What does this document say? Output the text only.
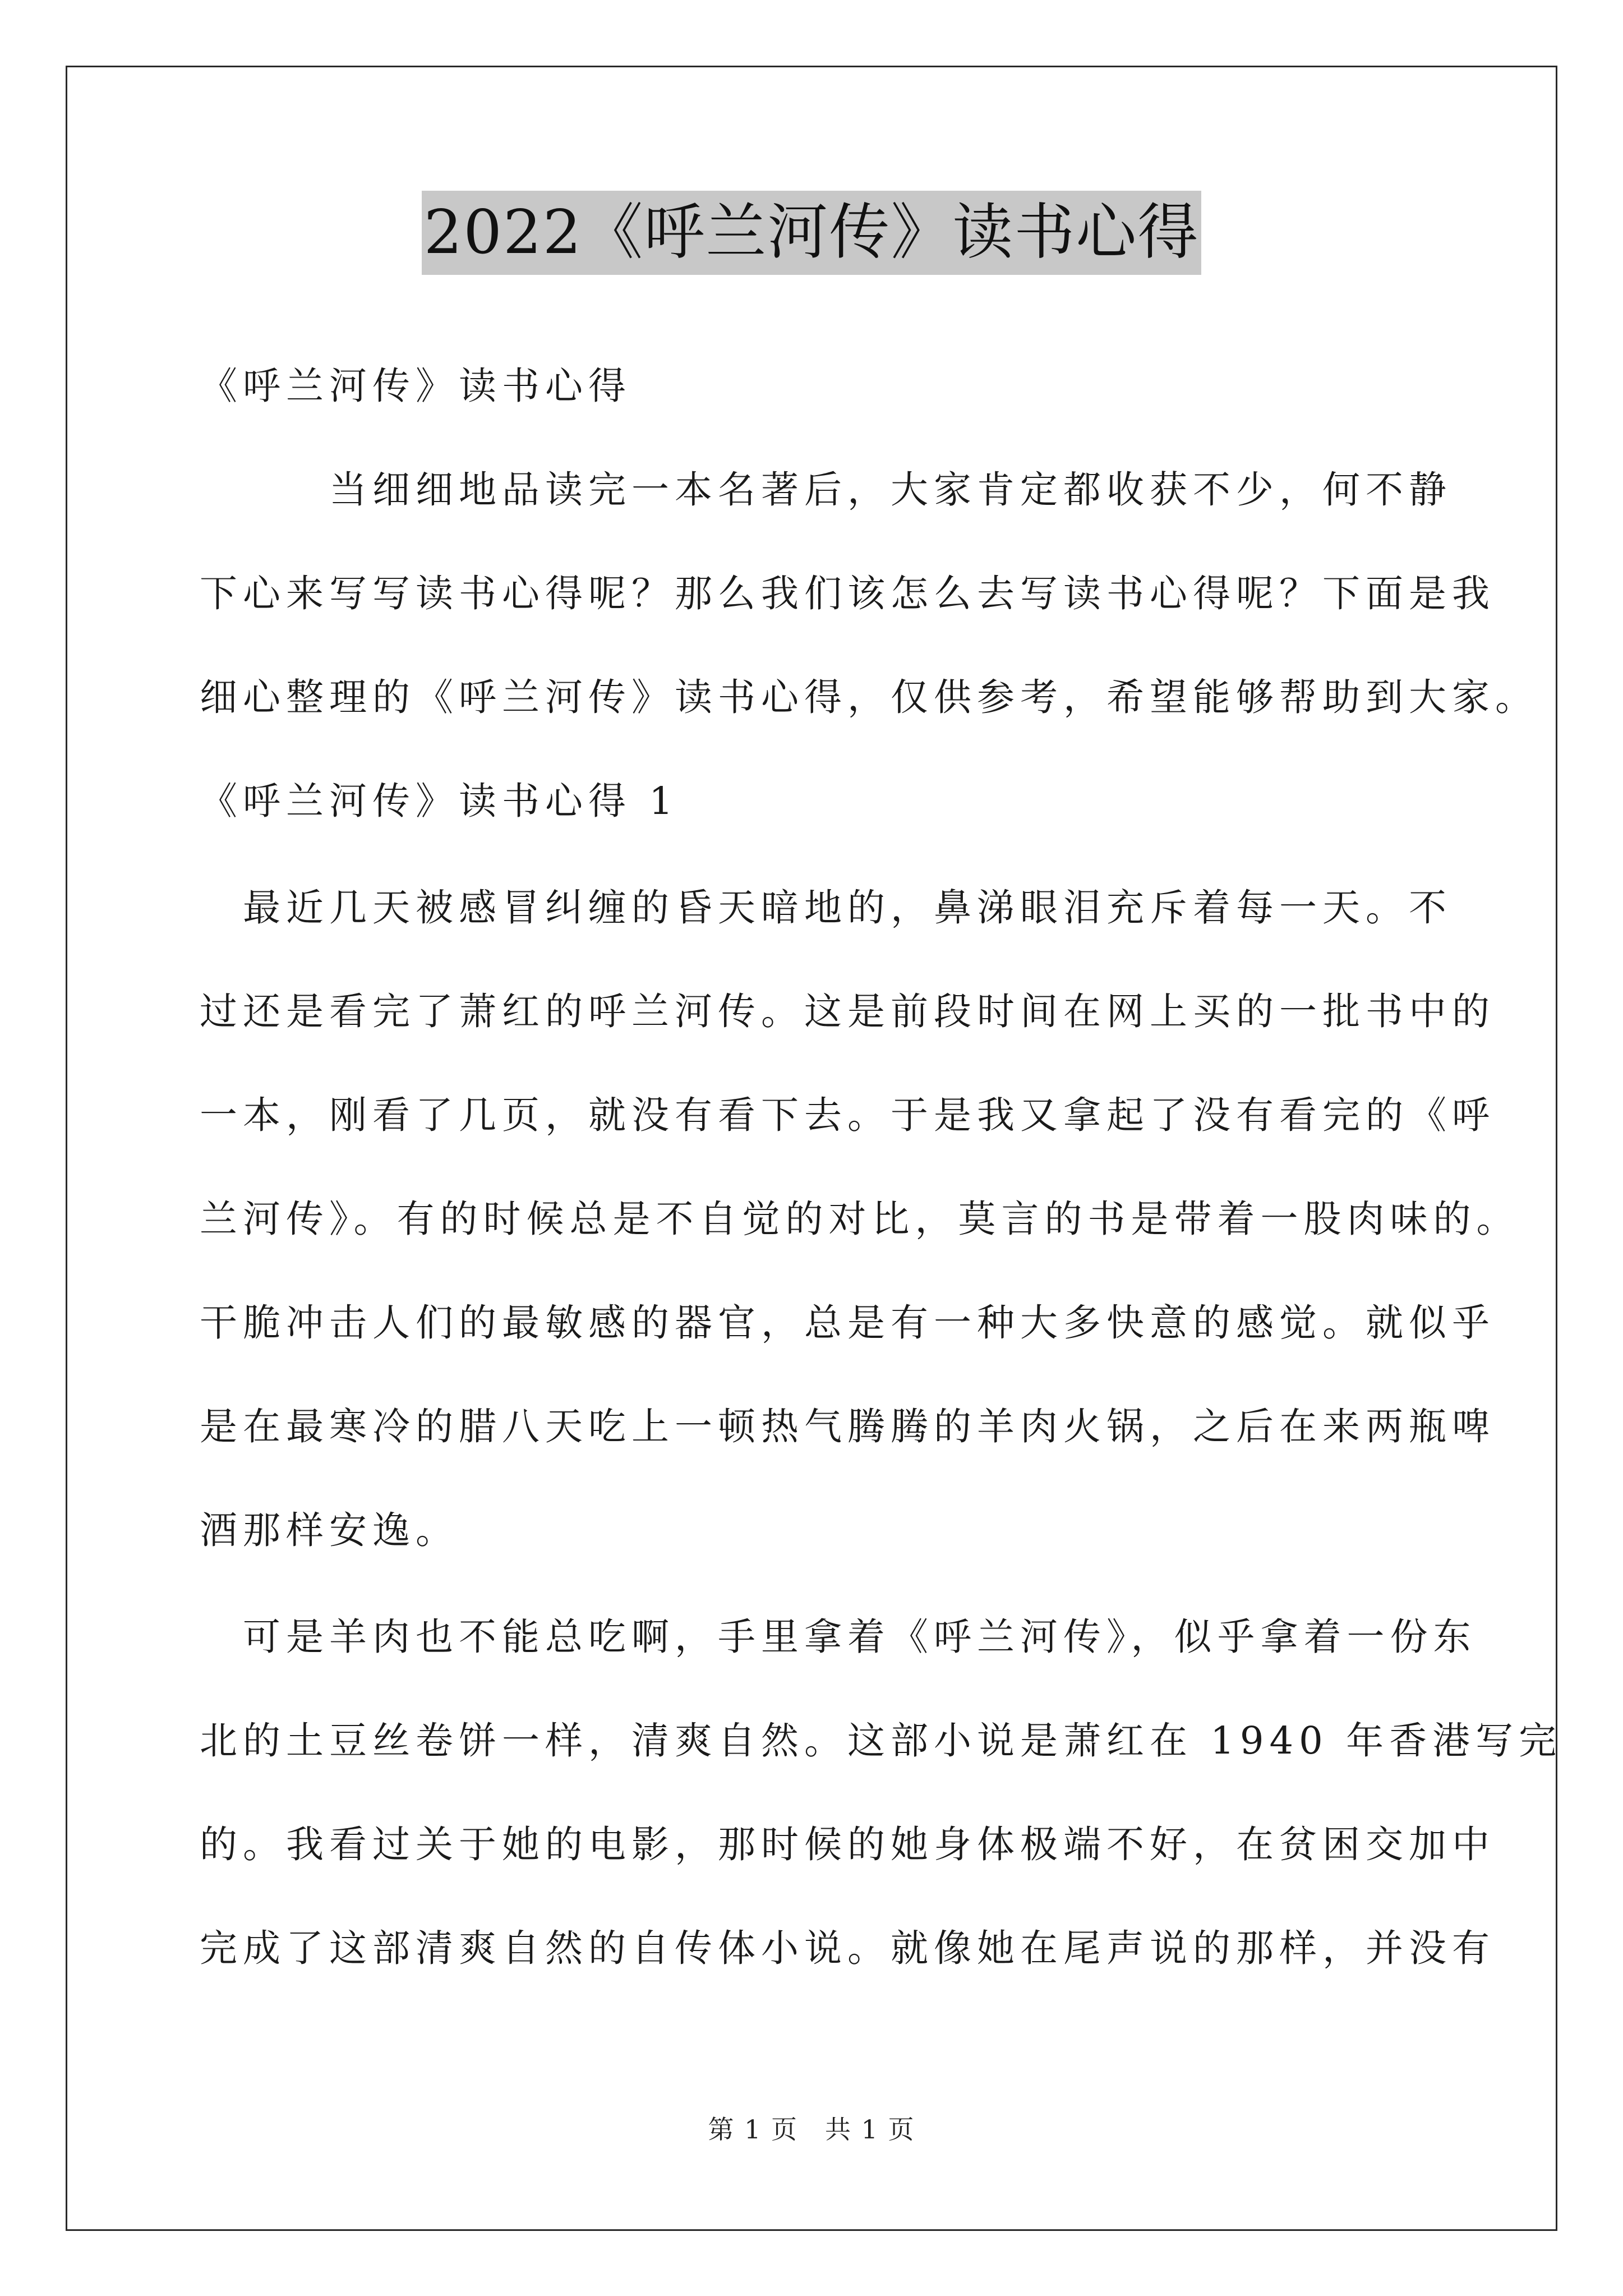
2022《呼兰河传》读书心得
《呼兰河传》读书心得
　　　当细细地品读完一本名著后，大家肯定都收获不少，何不静
下心来写写读书心得呢？那么我们该怎么去写读书心得呢？下面是我
细心整理的《呼兰河传》读书心得，仅供参考，希望能够帮助到大家。
《呼兰河传》读书心得 1
　最近几天被感冒纠缠的昏天暗地的，鼻涕眼泪充斥着每一天。不
过还是看完了萧红的呼兰河传。这是前段时间在网上买的一批书中的
一本，刚看了几页，就没有看下去。于是我又拿起了没有看完的《呼
兰河传》。有的时候总是不自觉的对比，莫言的书是带着一股肉味的。
干脆冲击人们的最敏感的器官，总是有一种大多快意的感觉。就似乎
是在最寒冷的腊八天吃上一顿热气腾腾的羊肉火锅，之后在来两瓶啤
酒那样安逸。
　可是羊肉也不能总吃啊，手里拿着《呼兰河传》，似乎拿着一份东
北的土豆丝卷饼一样，清爽自然。这部小说是萧红在 1940 年香港写完
的。我看过关于她的电影，那时候的她身体极端不好，在贫困交加中
完成了这部清爽自然的自传体小说。就像她在尾声说的那样，并没有
第 1 页　共 1 页
